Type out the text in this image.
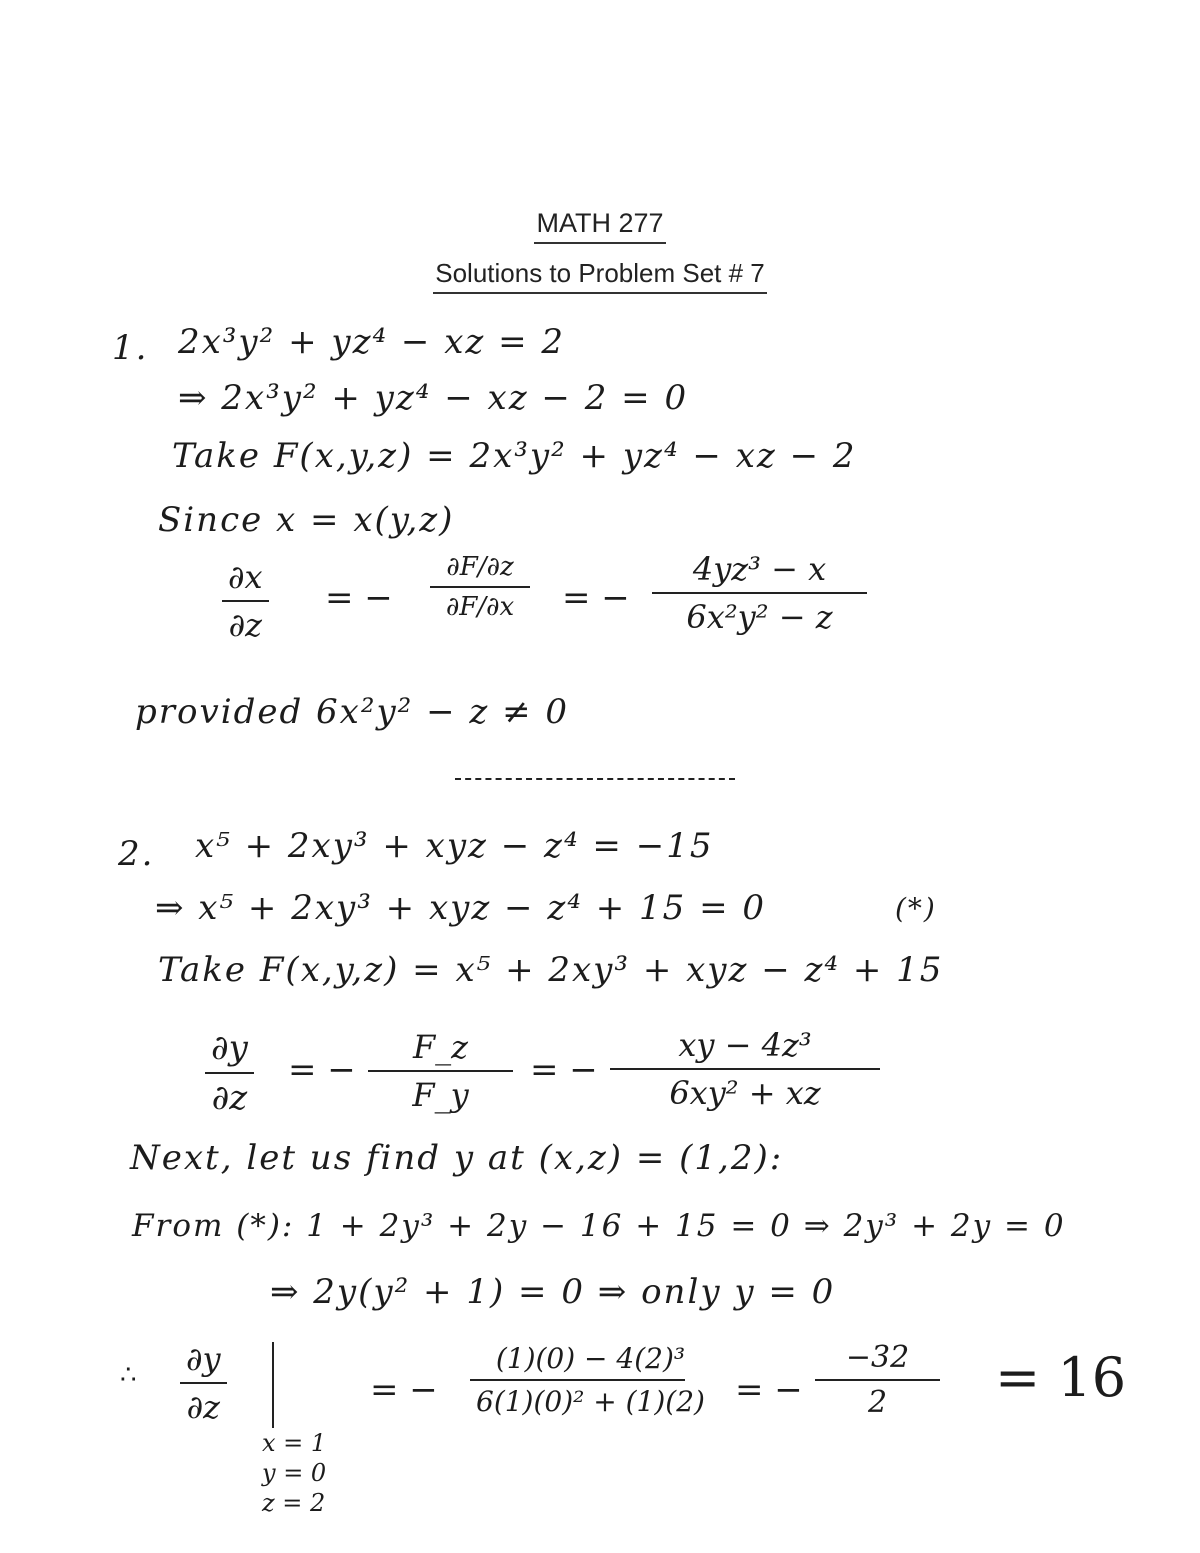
MATH 277
Solutions to Problem Set # 7
1. 2x³y² + yz⁴ − xz = 2
⇒ 2x³y² + yz⁴ − xz − 2 = 0
Take F(x,y,z) = 2x³y² + yz⁴ − xz − 2
Since x = x(y,z)
∂x
∂z
= −
∂F/∂z
∂F/∂x	= −
4yz³ − x
6x²y² − z
provided 6x²y² − z ≠ 0
2. x⁵ + 2xy³ + xyz − z⁴ = −15
⇒ x⁵ + 2xy³ + xyz − z⁴ + 15 = 0	(*)
Take F(x,y,z) = x⁵ + 2xy³ + xyz − z⁴ + 15
∂y
∂z
= −
F_z
F_y
= −
xy − 4z³
6xy² + xz
Next, let us find y at (x,z) = (1,2):
From (*): 1 + 2y³ + 2y − 16 + 15 = 0 ⇒ 2y³ + 2y = 0
⇒ 2y(y² + 1) = 0 ⇒ only y = 0
∴ ∂y
∂z
x = 1
y = 0
z = 2
= −
(1)(0) − 4(2)³
6(1)(0)² + (1)(2) = −
−32
2	= 16
